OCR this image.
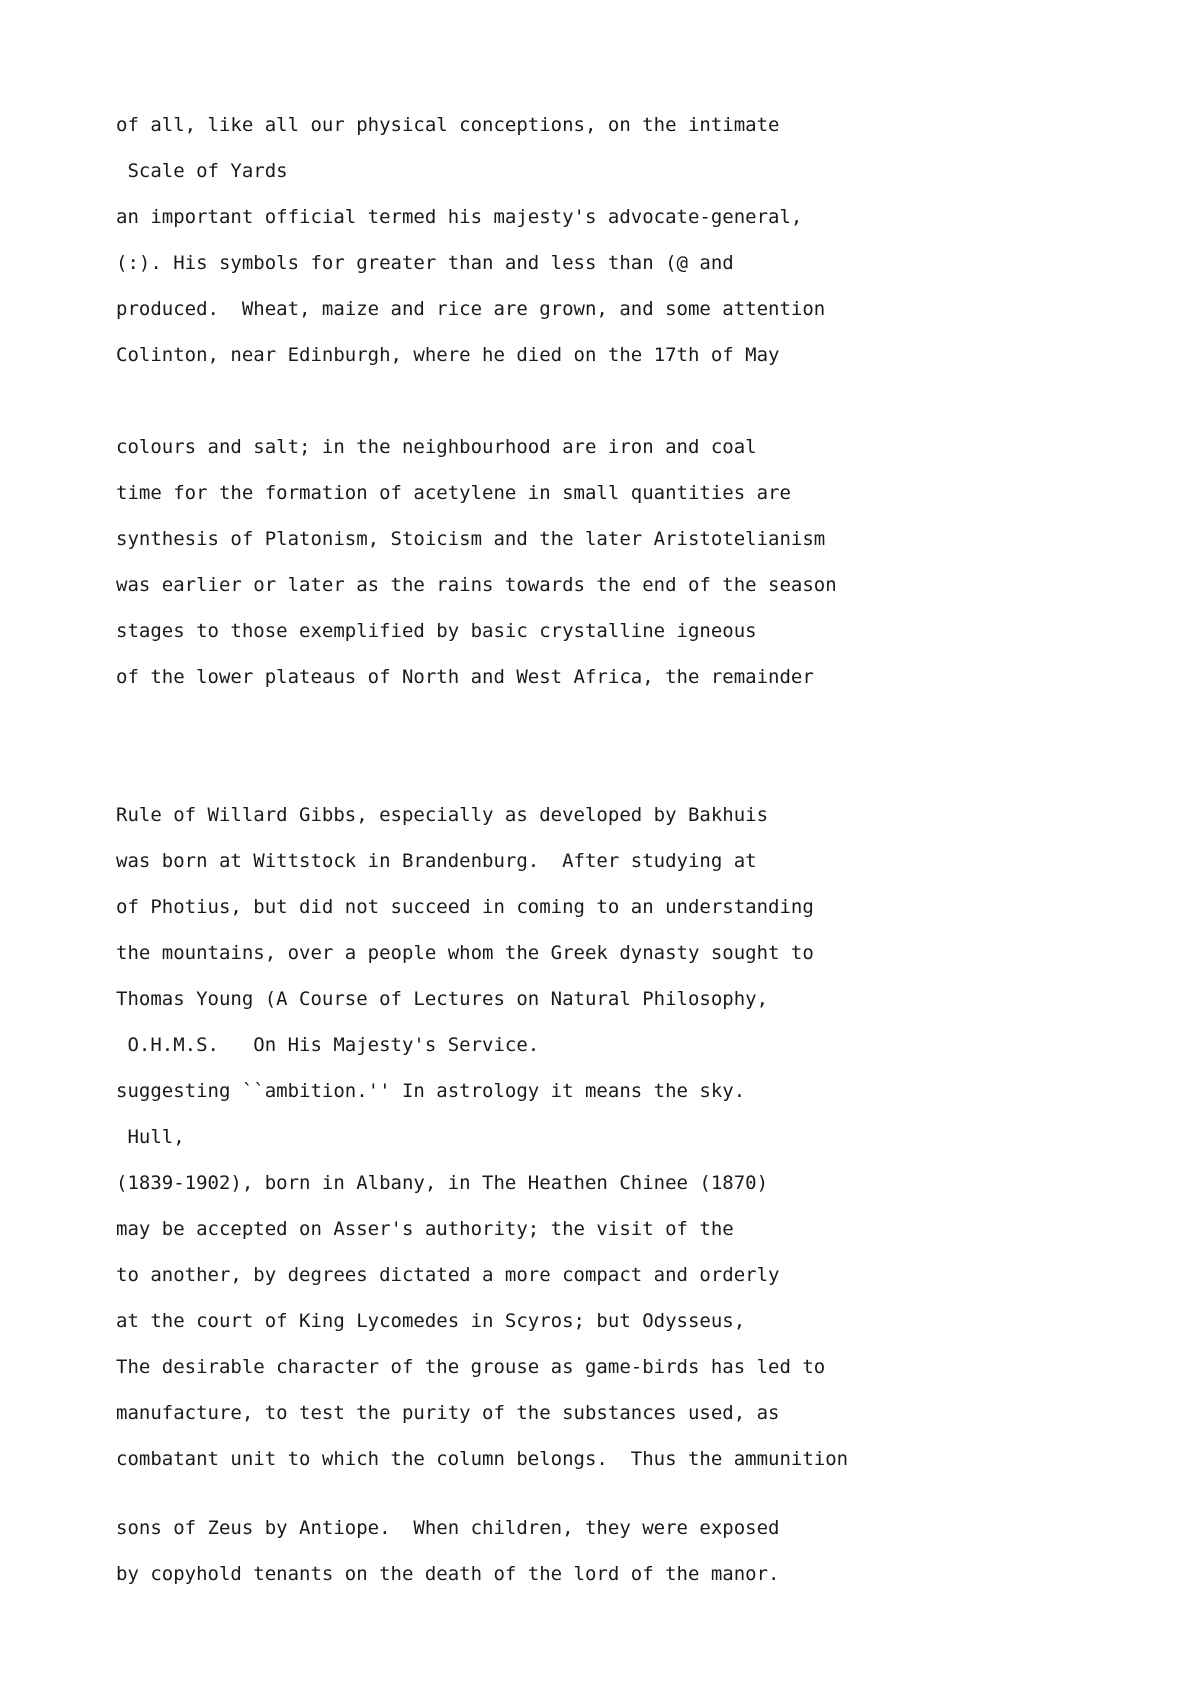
of all, like all our physical conceptions, on the intimate

Scale of Yards

an important official termed his majesty's advocate-general,

(:). His symbols for greater than and less than (@ and

produced.  Wheat, maize and rice are grown, and some attention

Colinton, near Edinburgh, where he died on the 17th of May

colours and salt; in the neighbourhood are iron and coal

time for the formation of acetylene in small quantities are

synthesis of Platonism, Stoicism and the later Aristotelianism

was earlier or later as the rains towards the end of the season

stages to those exemplified by basic crystalline igneous

of the lower plateaus of North and West Africa, the remainder

Rule of Willard Gibbs, especially as developed by Bakhuis

was born at Wittstock in Brandenburg.  After studying at

of Photius, but did not succeed in coming to an understanding

the mountains, over a people whom the Greek dynasty sought to

Thomas Young (A Course of Lectures on Natural Philosophy,

O.H.M.S.   On His Majesty's Service.

suggesting ``ambition.'' In astrology it means the sky.

Hull,

(1839-1902), born in Albany, in The Heathen Chinee (1870)

may be accepted on Asser's authority; the visit of the

to another, by degrees dictated a more compact and orderly

at the court of King Lycomedes in Scyros; but Odysseus,

The desirable character of the grouse as game-birds has led to

manufacture, to test the purity of the substances used, as

combatant unit to which the column belongs.  Thus the ammunition

sons of Zeus by Antiope.  When children, they were exposed

by copyhold tenants on the death of the lord of the manor.
